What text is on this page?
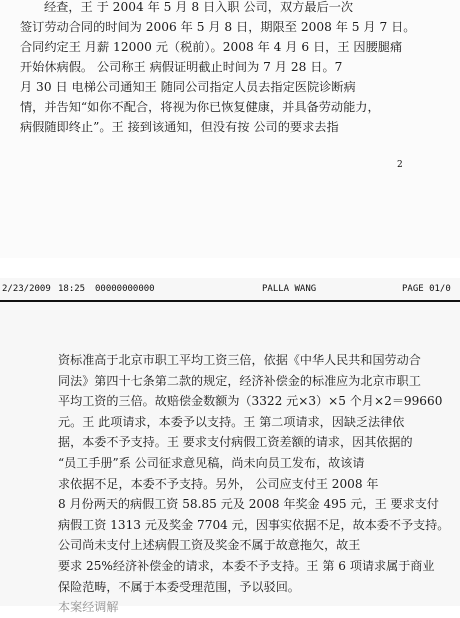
经查，王 于 2004 年 5 月 8 日入职 公司，双方最后一次
签订劳动合同的时间为 2006 年 5 月 8 日，期限至 2008 年 5 月 7 日。
合同约定王 月薪 12000 元（税前）。2008 年 4 月 6 日，王 因腰腿痛
开始休病假。 公司称王 病假证明截止时间为 7 月 28 日。7
月 30 日 电梯公司通知王 随同公司指定人员去指定医院诊断病
情，并告知“如你不配合，将视为你已恢复健康，并具备劳动能力，
病假随即终止”。王 接到该通知，但没有按 公司的要求去指
2
2/23/2009 18:25 00000000000	PALLA WANG	PAGE 01/0
资标准高于北京市职工平均工资三倍，依据《中华人民共和国劳动合
同法》第四十七条第二款的规定，经济补偿金的标准应为北京市职工
平均工资的三倍。故赔偿金数额为（3322 元×3）×5 个月×2＝99660
元。王 此项请求，本委予以支持。王 第二项请求，因缺乏法律依
据，本委不予支持。王 要求支付病假工资差额的请求，因其依据的
“员工手册”系 公司征求意见稿，尚未向员工发布，故该请
求依据不足，本委不予支持。另外， 公司应支付王 2008 年
8 月份两天的病假工资 58.85 元及 2008 年奖金 495 元，王 要求支付
病假工资 1313 元及奖金 7704 元，因事实依据不足，故本委不予支持。
公司尚未支付上述病假工资及奖金不属于故意拖欠，故王
要求 25%经济补偿金的请求，本委不予支持。王 第 6 项请求属于商业
保险范畴，不属于本委受理范围，予以驳回。
本案经调解
